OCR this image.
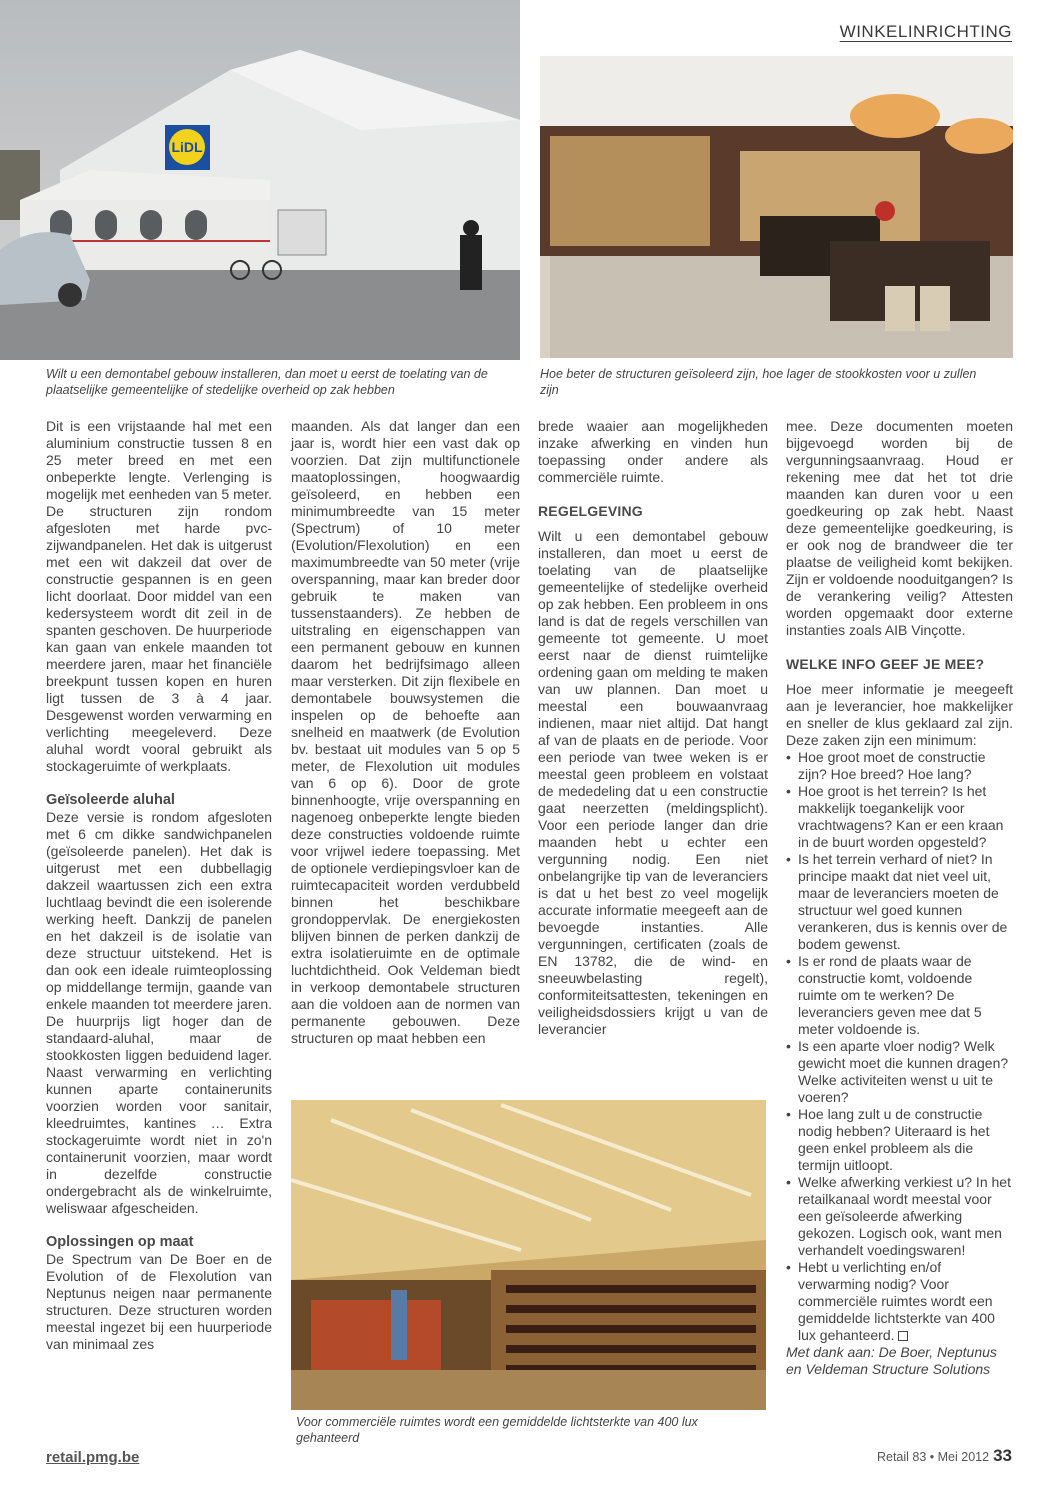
WINKELINRICHTING
LiDL
Wilt u een demontabel gebouw installeren, dan moet u eerst de toelating van de plaatselijke gemeentelijke of stedelijke overheid op zak hebben
Hoe beter de structuren geïsoleerd zijn, hoe lager de stookkosten voor u zullen zijn

Dit is een vrijstaande hal met een aluminium constructie tussen 8 en 25 meter breed en met een onbeperkte lengte. Verlenging is mogelijk met eenheden van 5 meter. De structuren zijn rondom afgesloten met harde pvc-zijwandpanelen. Het dak is uitgerust met een wit dakzeil dat over de constructie gespannen is en geen licht doorlaat. Door middel van een kedersysteem wordt dit zeil in de spanten geschoven. De huurperiode kan gaan van enkele maanden tot meerdere jaren, maar het financiële breekpunt tussen kopen en huren ligt tussen de 3 à 4 jaar. Desgewenst worden verwarming en verlichting meegeleverd. Deze aluhal wordt vooral gebruikt als stockageruimte of werkplaats.

Geïsoleerde aluhal

Deze versie is rondom afgesloten met 6 cm dikke sandwichpanelen (geïsoleerde panelen). Het dak is uitgerust met een dubbellagig dakzeil waartussen zich een extra luchtlaag bevindt die een isolerende werking heeft. Dankzij de panelen en het dakzeil is de isolatie van deze structuur uitstekend. Het is dan ook een ideale ruimteoplossing op middellange termijn, gaande van enkele maanden tot meerdere jaren. De huurprijs ligt hoger dan de standaard-aluhal, maar de stookkosten liggen beduidend lager. Naast verwarming en verlichting kunnen aparte containerunits voorzien worden voor sanitair, kleedruimtes, kantines … Extra stockageruimte wordt niet in zo'n containerunit voorzien, maar wordt in dezelfde constructie ondergebracht als de winkelruimte, weliswaar afgescheiden.

Oplossingen op maat

De Spectrum van De Boer en de Evolution of de Flexolution van Neptunus neigen naar permanente structuren. Deze structuren worden meestal ingezet bij een huurperiode van minimaal zes

maanden. Als dat langer dan een jaar is, wordt hier een vast dak op voorzien. Dat zijn multifunctionele maatoplossingen, hoogwaardig geïsoleerd, en hebben een minimumbreedte van 15 meter (Spectrum) of 10 meter (Evolution/Flexolution) en een maximumbreedte van 50 meter (vrije overspanning, maar kan breder door gebruik te maken van tussenstaanders). Ze hebben de uitstraling en eigenschappen van een permanent gebouw en kunnen daarom het bedrijfsimago alleen maar versterken. Dit zijn flexibele en demontabele bouwsystemen die inspelen op de behoefte aan snelheid en maatwerk (de Evolution bv. bestaat uit modules van 5 op 5 meter, de Flexolution uit modules van 6 op 6). Door de grote binnenhoogte, vrije overspanning en nagenoeg onbeperkte lengte bieden deze constructies voldoende ruimte voor vrijwel iedere toepassing. Met de optionele verdiepingsvloer kan de ruimtecapaciteit worden verdubbeld binnen het beschikbare grondoppervlak. De energiekosten blijven binnen de perken dankzij de extra isolatieruimte en de optimale luchtdichtheid. Ook Veldeman biedt in verkoop demontabele structuren aan die voldoen aan de normen van permanente gebouwen. Deze structuren op maat hebben een

brede waaier aan mogelijkheden inzake afwerking en vinden hun toepassing onder andere als commerciële ruimte.

REGELGEVING

Wilt u een demontabel gebouw installeren, dan moet u eerst de toelating van de plaatselijke gemeentelijke of stedelijke overheid op zak hebben. Een probleem in ons land is dat de regels verschillen van gemeente tot gemeente. U moet eerst naar de dienst ruimtelijke ordening gaan om melding te maken van uw plannen. Dan moet u meestal een bouwaanvraag indienen, maar niet altijd. Dat hangt af van de plaats en de periode. Voor een periode van twee weken is er meestal geen probleem en volstaat de mededeling dat u een constructie gaat neerzetten (meldingsplicht). Voor een periode langer dan drie maanden hebt u echter een vergunning nodig. Een niet onbelangrijke tip van de leveranciers is dat u het best zo veel mogelijk accurate informatie meegeeft aan de bevoegde instanties. Alle vergunningen, certificaten (zoals de EN 13782, die de wind- en sneeuwbelasting regelt), conformiteitsattesten, tekeningen en veiligheidsdossiers krijgt u van de leverancier

mee. Deze documenten moeten bijgevoegd worden bij de vergunningsaanvraag. Houd er rekening mee dat het tot drie maanden kan duren voor u een goedkeuring op zak hebt. Naast deze gemeentelijke goedkeuring, is er ook nog de brandweer die ter plaatse de veiligheid komt bekijken. Zijn er voldoende nooduitgangen? Is de verankering veilig? Attesten worden opgemaakt door externe instanties zoals AIB Vinçotte.

WELKE INFO GEEF JE MEE?

Hoe meer informatie je meegeeft aan je leverancier, hoe makkelijker en sneller de klus geklaard zal zijn. Deze zaken zijn een minimum:

• Hoe groot moet de constructie zijn? Hoe breed? Hoe lang?
• Hoe groot is het terrein? Is het makkelijk toegankelijk voor vrachtwagens? Kan er een kraan in de buurt worden opgesteld?
• Is het terrein verhard of niet? In principe maakt dat niet veel uit, maar de leveranciers moeten de structuur wel goed kunnen verankeren, dus is kennis over de bodem gewenst.
• Is er rond de plaats waar de constructie komt, voldoende ruimte om te werken? De leveranciers geven mee dat 5 meter voldoende is.
• Is een aparte vloer nodig? Welk gewicht moet die kunnen dragen? Welke activiteiten wenst u uit te voeren?
• Hoe lang zult u de constructie nodig hebben? Uiteraard is het geen enkel probleem als die termijn uitloopt.
• Welke afwerking verkiest u? In het retailkanaal wordt meestal voor een geïsoleerde afwerking gekozen. Logisch ook, want men verhandelt voedingswaren!
• Hebt u verlichting en/of verwarming nodig? Voor commerciële ruimtes wordt een gemiddelde lichtsterkte van 400 lux gehanteerd.

Met dank aan: De Boer, Neptunus en Veldeman Structure Solutions

Voor commerciële ruimtes wordt een gemiddelde lichtsterkte van 400 lux gehanteerd
retail.pmg.be	Retail 83 • Mei 2012 33
